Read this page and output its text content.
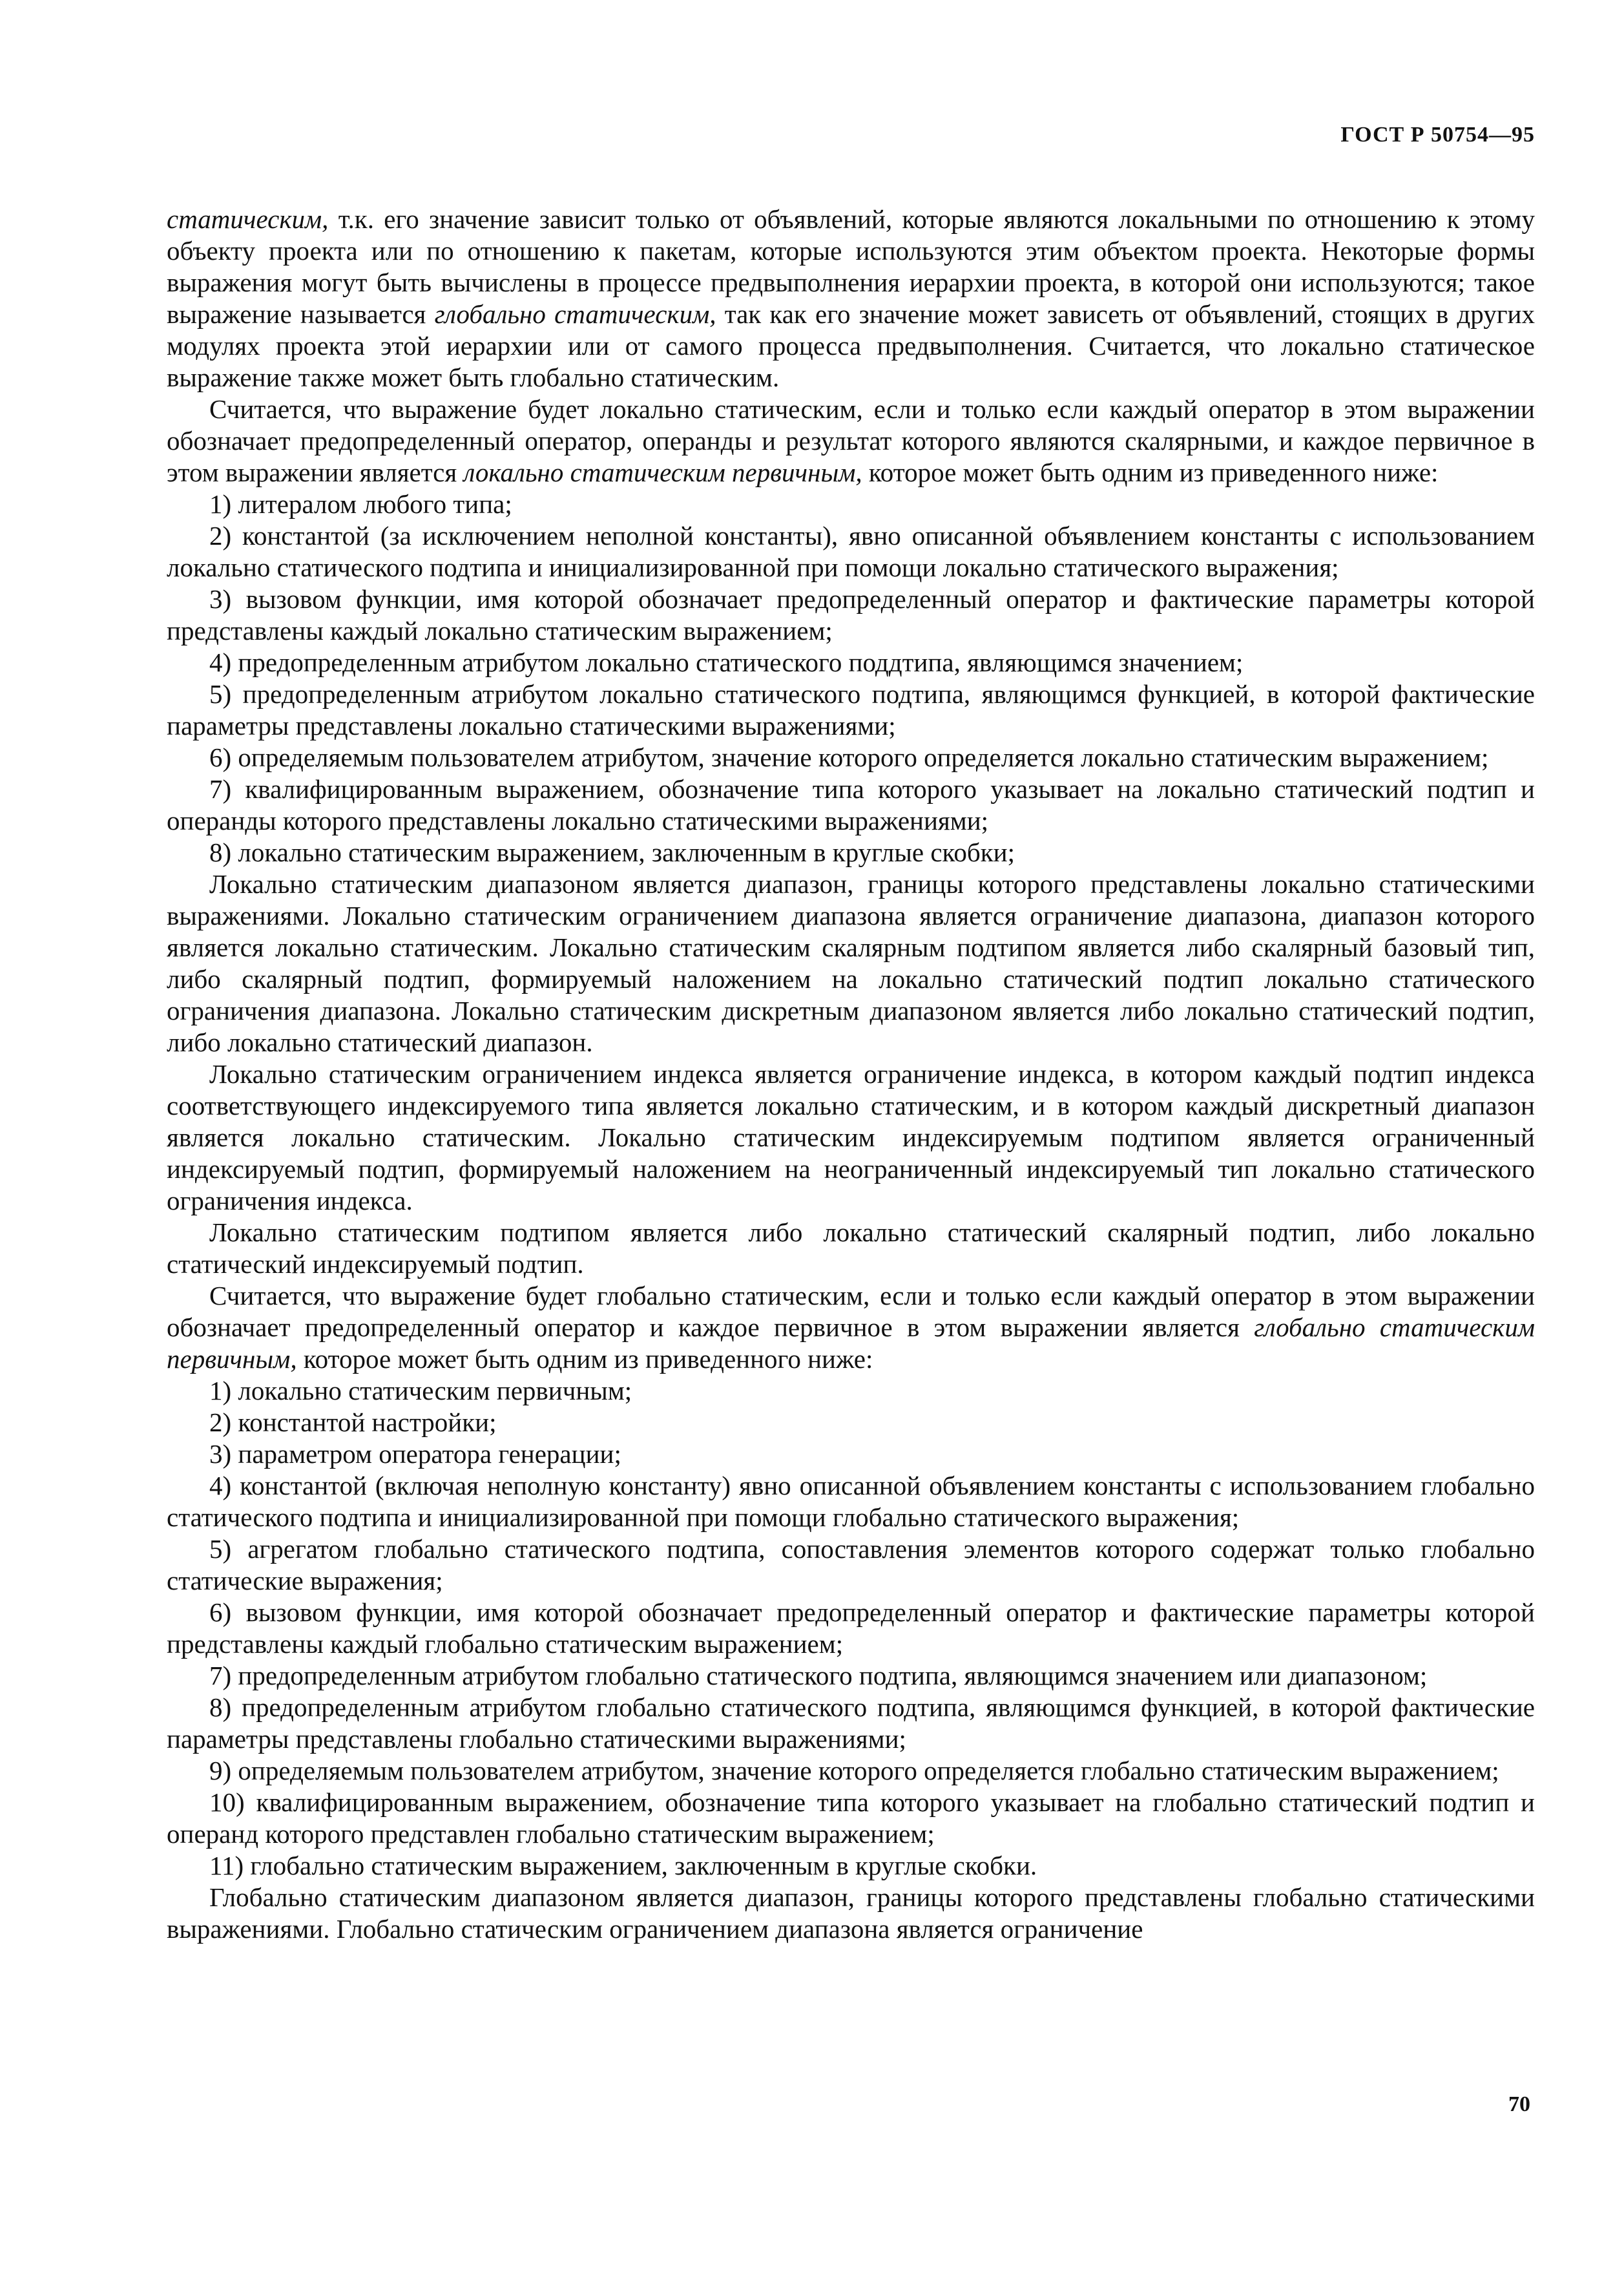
ГОСТ Р 50754—95

статическим, т.к. его значение зависит только от объявлений, которые являются локальными по отношению к этому объекту проекта или по отношению к пакетам, которые используются этим объектом проекта. Некоторые формы выражения могут быть вычислены в процессе предвыполнения иерархии проекта, в которой они используются; такое выражение называется глобально статическим, так как его значение может зависеть от объявлений, стоящих в других модулях проекта этой иерархии или от самого процесса предвыполнения. Считается, что локально статическое выражение также может быть глобально статическим.

Считается, что выражение будет локально статическим, если и только если каждый оператор в этом выражении обозначает предопределенный оператор, операнды и результат которого являются скалярными, и каждое первичное в этом выражении является локально статическим первичным, которое может быть одним из приведенного ниже:

1) литералом любого типа;

2) константой (за исключением неполной константы), явно описанной объявлением константы с использованием локально статического подтипа и инициализированной при помощи локально статического выражения;

3) вызовом функции, имя которой обозначает предопределенный оператор и фактические параметры которой представлены каждый локально статическим выражением;

4) предопределенным атрибутом локально статического поддтипа, являющимся значением;

5) предопределенным атрибутом локально статического подтипа, являющимся функцией, в которой фактические параметры представлены локально статическими выражениями;

6) определяемым пользователем атрибутом, значение которого определяется локально статическим выражением;

7) квалифицированным выражением, обозначение типа которого указывает на локально статический подтип и операнды которого представлены локально статическими выражениями;

8) локально статическим выражением, заключенным в круглые скобки;

Локально статическим диапазоном является диапазон, границы которого представлены локально статическими выражениями. Локально статическим ограничением диапазона является ограничение диапазона, диапазон которого является локально статическим. Локально статическим скалярным подтипом является либо скалярный базовый тип, либо скалярный подтип, формируемый наложением на локально статический подтип локально статического ограничения диапазона. Локально статическим дискретным диапазоном является либо локально статический подтип, либо локально статический диапазон.

Локально статическим ограничением индекса является ограничение индекса, в котором каждый подтип индекса соответствующего индексируемого типа является локально статическим, и в котором каждый дискретный диапазон является локально статическим. Локально статическим индексируемым подтипом является ограниченный индексируемый подтип, формируемый наложением на неограниченный индексируемый тип локально статического ограничения индекса.

Локально статическим подтипом является либо локально статический скалярный подтип, либо локально статический индексируемый подтип.

Считается, что выражение будет глобально статическим, если и только если каждый оператор в этом выражении обозначает предопределенный оператор и каждое первичное в этом выражении является глобально статическим первичным, которое может быть одним из приведенного ниже:

1) локально статическим первичным;

2) константой настройки;

3) параметром оператора генерации;

4) константой (включая неполную константу) явно описанной объявлением константы с использованием глобально статического подтипа и инициализированной при помощи глобально статического выражения;

5) агрегатом глобально статического подтипа, сопоставления элементов которого содержат только глобально статические выражения;

6) вызовом функции, имя которой обозначает предопределенный оператор и фактические параметры которой представлены каждый глобально статическим выражением;

7) предопределенным атрибутом глобально статического подтипа, являющимся значением или диапазоном;

8) предопределенным атрибутом глобально статического подтипа, являющимся функцией, в которой фактические параметры представлены глобально статическими выражениями;

9) определяемым пользователем атрибутом, значение которого определяется глобально статическим выражением;

10) квалифицированным выражением, обозначение типа которого указывает на глобально статический подтип и операнд которого представлен глобально статическим выражением;

11) глобально статическим выражением, заключенным в круглые скобки.

Глобально статическим диапазоном является диапазон, границы которого представлены глобально статическими выражениями. Глобально статическим ограничением диапазона является ограничение

70
